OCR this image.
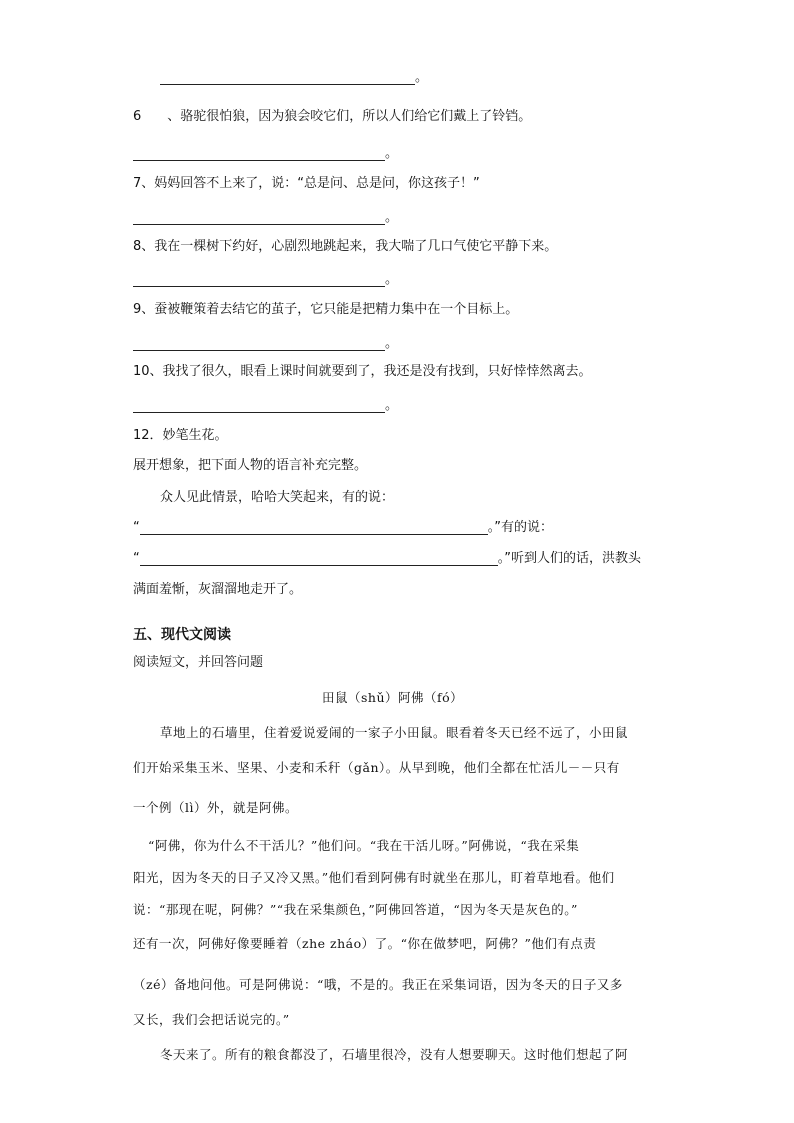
。
6　　、骆驼很怕狼，因为狼会咬它们，所以人们给它们戴上了铃铛。
。
7、妈妈回答不上来了，说：“总是问、总是问，你这孩子！”
。
8、我在一棵树下约好，心剧烈地跳起来，我大喘了几口气使它平静下来。
。
9、蚕被鞭策着去结它的茧子，它只能是把精力集中在一个目标上。
。
10、我找了很久，眼看上课时间就要到了，我还是没有找到，只好悻悻然离去。
。
12．妙笔生花。
展开想象，把下面人物的语言补充完整。
众人见此情景，哈哈大笑起来，有的说：
“	。”有的说：
“	。”听到人们的话，洪教头
满面羞惭，灰溜溜地走开了。
五、现代文阅读
阅读短文，并回答问题
田鼠（shǔ）阿佛（fó）
草地上的石墙里，住着爱说爱闹的一家子小田鼠。眼看着冬天已经不远了，小田鼠
们开始采集玉米、坚果、小麦和禾秆（gǎn）。从早到晚，他们全都在忙活儿－－只有
一个例（lì）外，就是阿佛。
“阿佛，你为什么不干活儿？”他们问。“我在干活儿呀。”阿佛说，“我在采集
阳光，因为冬天的日子又冷又黑。”他们看到阿佛有时就坐在那儿，盯着草地看。他们
说：“那现在呢，阿佛？”“我在采集颜色，”阿佛回答道，“因为冬天是灰色的。”
还有一次，阿佛好像要睡着（zhe zháo）了。“你在做梦吧，阿佛？”他们有点责
（zé）备地问他。可是阿佛说：“哦，不是的。我正在采集词语，因为冬天的日子又多
又长，我们会把话说完的。”
冬天来了。所有的粮食都没了，石墙里很冷，没有人想要聊天。这时他们想起了阿
